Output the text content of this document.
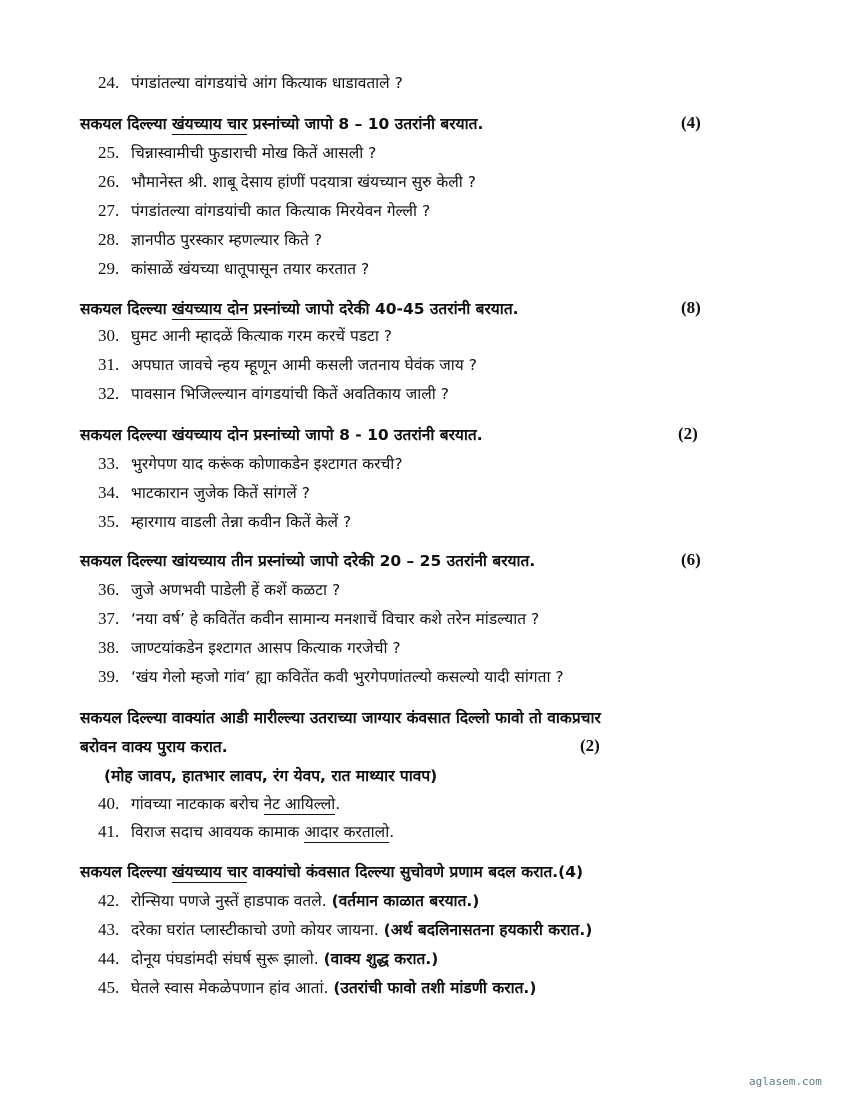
24. पंगडांतल्या वांगडयांचे आंग कित्याक धाडावताले ?
सकयल दिल्ल्या खंयच्याय चार प्रस्नांच्यो जापो 8 – 10 उतरांनी बरयात.	(4)
25. चिन्नास्वामीची फुडाराची मोख कितें आसली ?
26. भौमानेस्त श्री. शाबू देसाय हांणीं पदयात्रा खंयच्यान सुरु केली ?
27. पंगडांतल्या वांगडयांची कात कित्याक मिरयेवन गेल्ली ?
28. ज्ञानपीठ पुरस्कार म्हणल्यार किते ?
29. कांसाळें खंयच्या धातूपासून तयार करतात ?
सकयल दिल्ल्या खंयच्याय दोन प्रस्नांच्यो जापो दरेकी 40-45 उतरांनी बरयात.	(8)
30. घुमट आनी म्हादळें कित्याक गरम करचें पडटा ?
31. अपघात जावचे न्हय म्हूणून आमी कसली जतनाय घेवंक जाय ?
32. पावसान भिजिल्ल्यान वांगडयांची कितें अवतिकाय जाली ?
सकयल दिल्ल्या खंयच्याय दोन प्रस्नांच्यो जापो 8 - 10 उतरांनी बरयात.	(2)
33. भुरगेपण याद करूंक कोणाकडेन इश्टागत करची?
34. भाटकारान जुजेक कितें सांगलें ?
35. म्हारगाय वाडली तेन्ना कवीन कितें केलें ?
सकयल दिल्ल्या खांयच्याय तीन प्रस्नांच्यो जापो दरेकी 20 – 25 उतरांनी बरयात.	(6)
36. जुजे अणभवी पाडेली हें कशें कळटा ?
37. ‘नया वर्ष’ हे कवितेंत कवीन सामान्य मनशाचें विचार कशे तरेन मांडल्यात ?
38. जाण्टयांकडेन इश्टागत आसप कित्याक गरजेची ?
39. ‘खंय गेलो म्हजो गांव’ ह्या कवितेंत कवी भुरगेपणांतल्यो कसल्यो यादी सांगता ?
सकयल दिल्ल्या वाक्यांत आडी मारील्ल्या उतराच्या जाग्यार कंवसात दिल्लो फावो तो वाकप्रचार
बरोवन वाक्य पुराय करात.	(2)
(मोह जावप, हातभार लावप, रंग येवप, रात माथ्यार पावप)
40. गांवच्या नाटकाक बरोच नेट आयिल्लो.
41. विराज सदाच आवयक कामाक आदार करतालो.
सकयल दिल्ल्या खंयच्याय चार वाक्यांचो कंवसात दिल्ल्या सुचोवणे प्रणाम बदल करात.(4)
42. रोन्सिया पणजे नुस्तें हाडपाक वतले. (वर्तमान काळात बरयात.)
43. दरेका घरांत प्लास्टीकाचो उणो कोयर जायना. (अर्थ बदलिनासतना हयकारी करात.)
44. दोनूय पंघडांमदी संघर्ष सुरू झालो. (वाक्य शुद्ध करात.)
45. घेतले स्वास मेकळेपणान हांव आतां. (उतरांची फावो तशी मांडणी करात.)
aglasem.com
